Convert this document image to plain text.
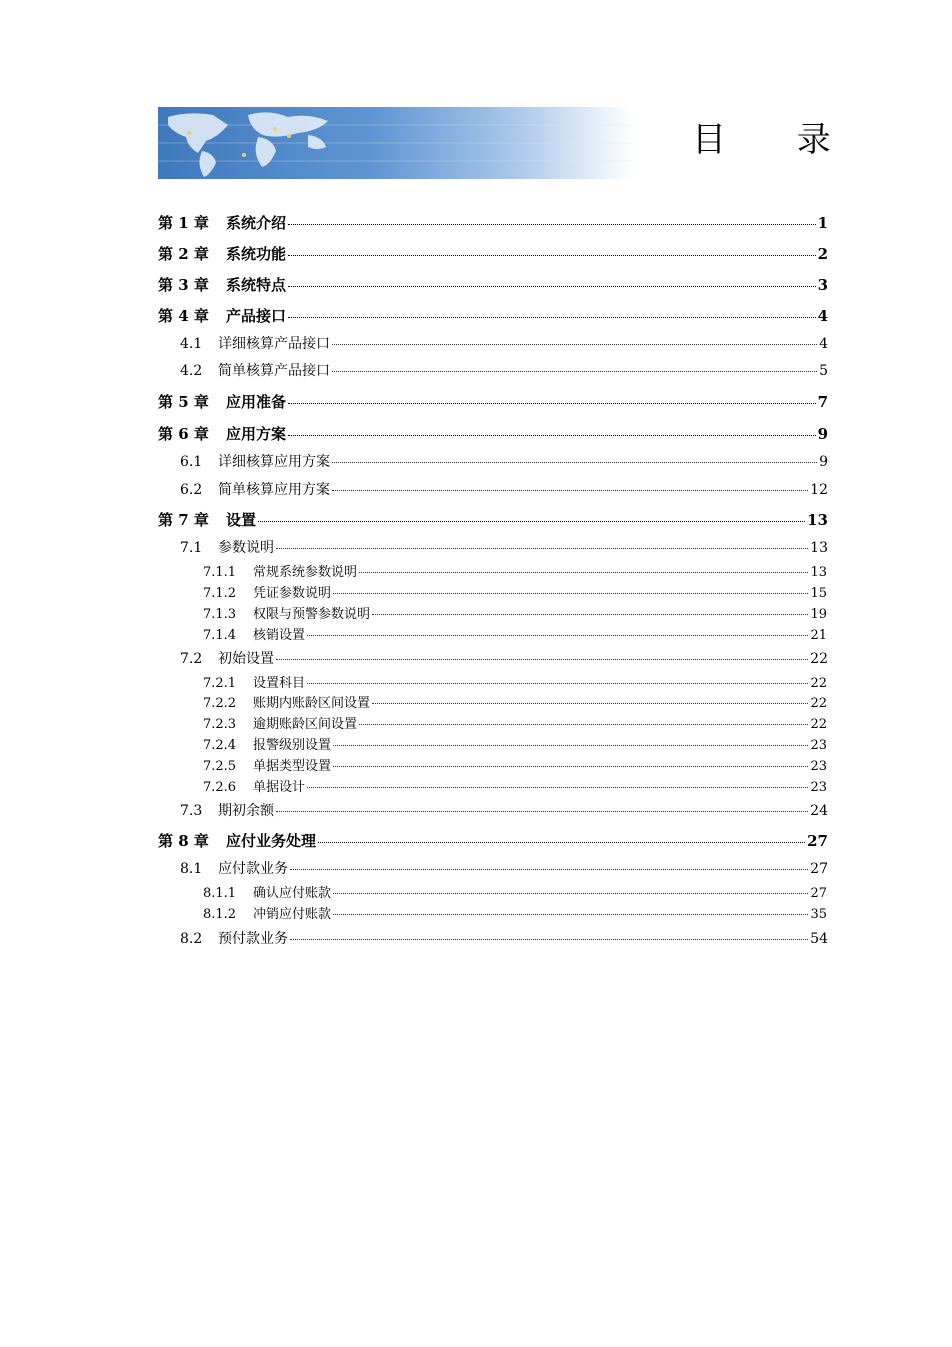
目 录
第 1 章	系统介绍	1
第 2 章	系统功能	2
第 3 章	系统特点	3
第 4 章	产品接口	4
4.1	详细核算产品接口	4
4.2	简单核算产品接口	5
第 5 章	应用准备	7
第 6 章	应用方案	9
6.1	详细核算应用方案	9
6.2	简单核算应用方案	12
第 7 章	设置	13
7.1	参数说明	13
7.1.1	常规系统参数说明	13
7.1.2	凭证参数说明	15
7.1.3	权限与预警参数说明	19
7.1.4	核销设置	21
7.2	初始设置	22
7.2.1	设置科目	22
7.2.2	账期内账龄区间设置	22
7.2.3	逾期账龄区间设置	22
7.2.4	报警级别设置	23
7.2.5	单据类型设置	23
7.2.6	单据设计	23
7.3	期初余额	24
第 8 章	应付业务处理	27
8.1	应付款业务	27
8.1.1	确认应付账款	27
8.1.2	冲销应付账款	35
8.2	预付款业务	54
